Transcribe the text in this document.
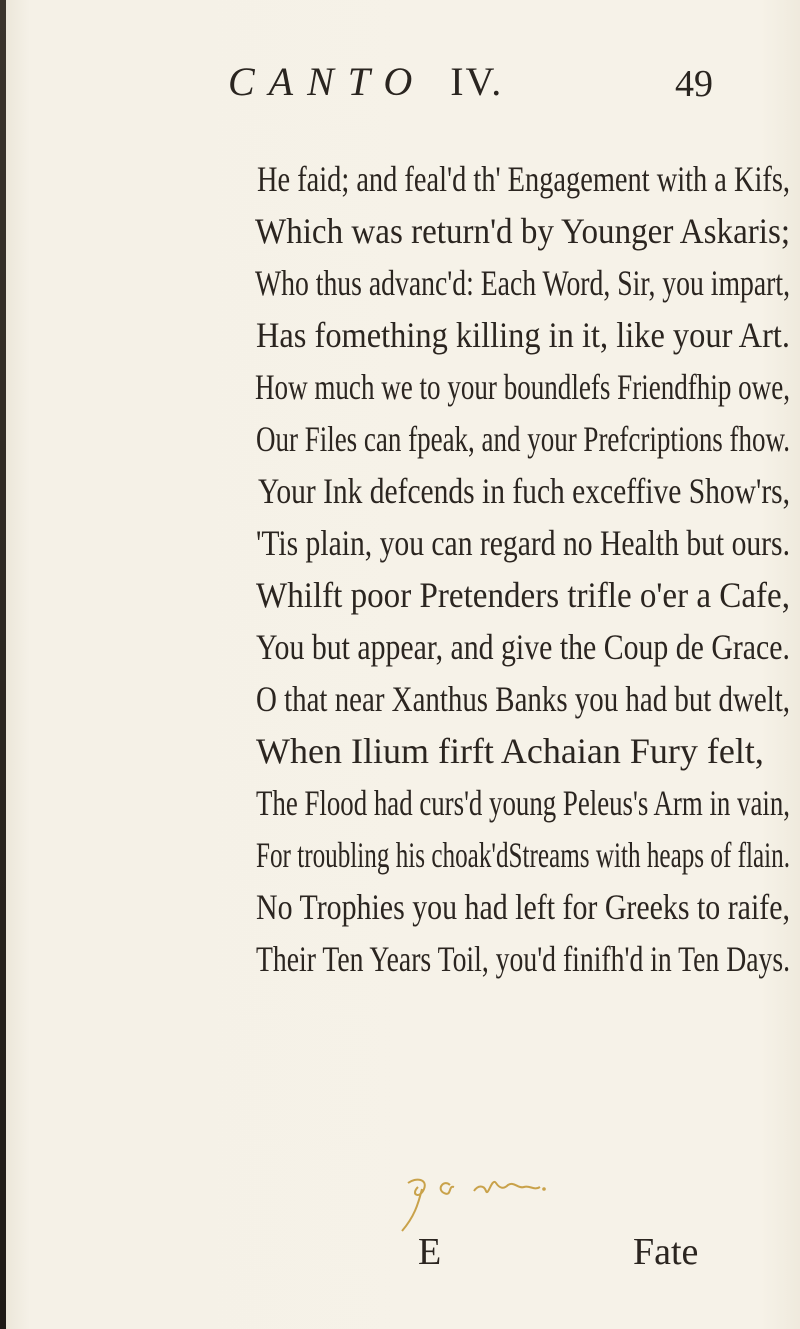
CANTO IV.	49
He faid; and feal'd th' Engagement with a Kifs,
Which was return'd by Younger Askaris;
Who thus advanc'd: Each Word, Sir, you impart,
Has fomething killing in it, like your Art.
How much we to your boundlefs Friendfhip owe,
Our Files can fpeak, and your Prefcriptions fhow.
Your Ink defcends in fuch exceffive Show'rs,
'Tis plain, you can regard no Health but ours.
Whilft poor Pretenders trifle o'er a Cafe,
You but appear, and give the Coup de Grace.
O that near Xanthus Banks you had but dwelt,
When Ilium firft Achaian Fury felt,
The Flood had curs'd young Peleus's Arm in vain,
For troubling his choak'dStreams with heaps of flain.
No Trophies you had left for Greeks to raife,
Their Ten Years Toil, you'd finifh'd in Ten Days.
E	Fate
